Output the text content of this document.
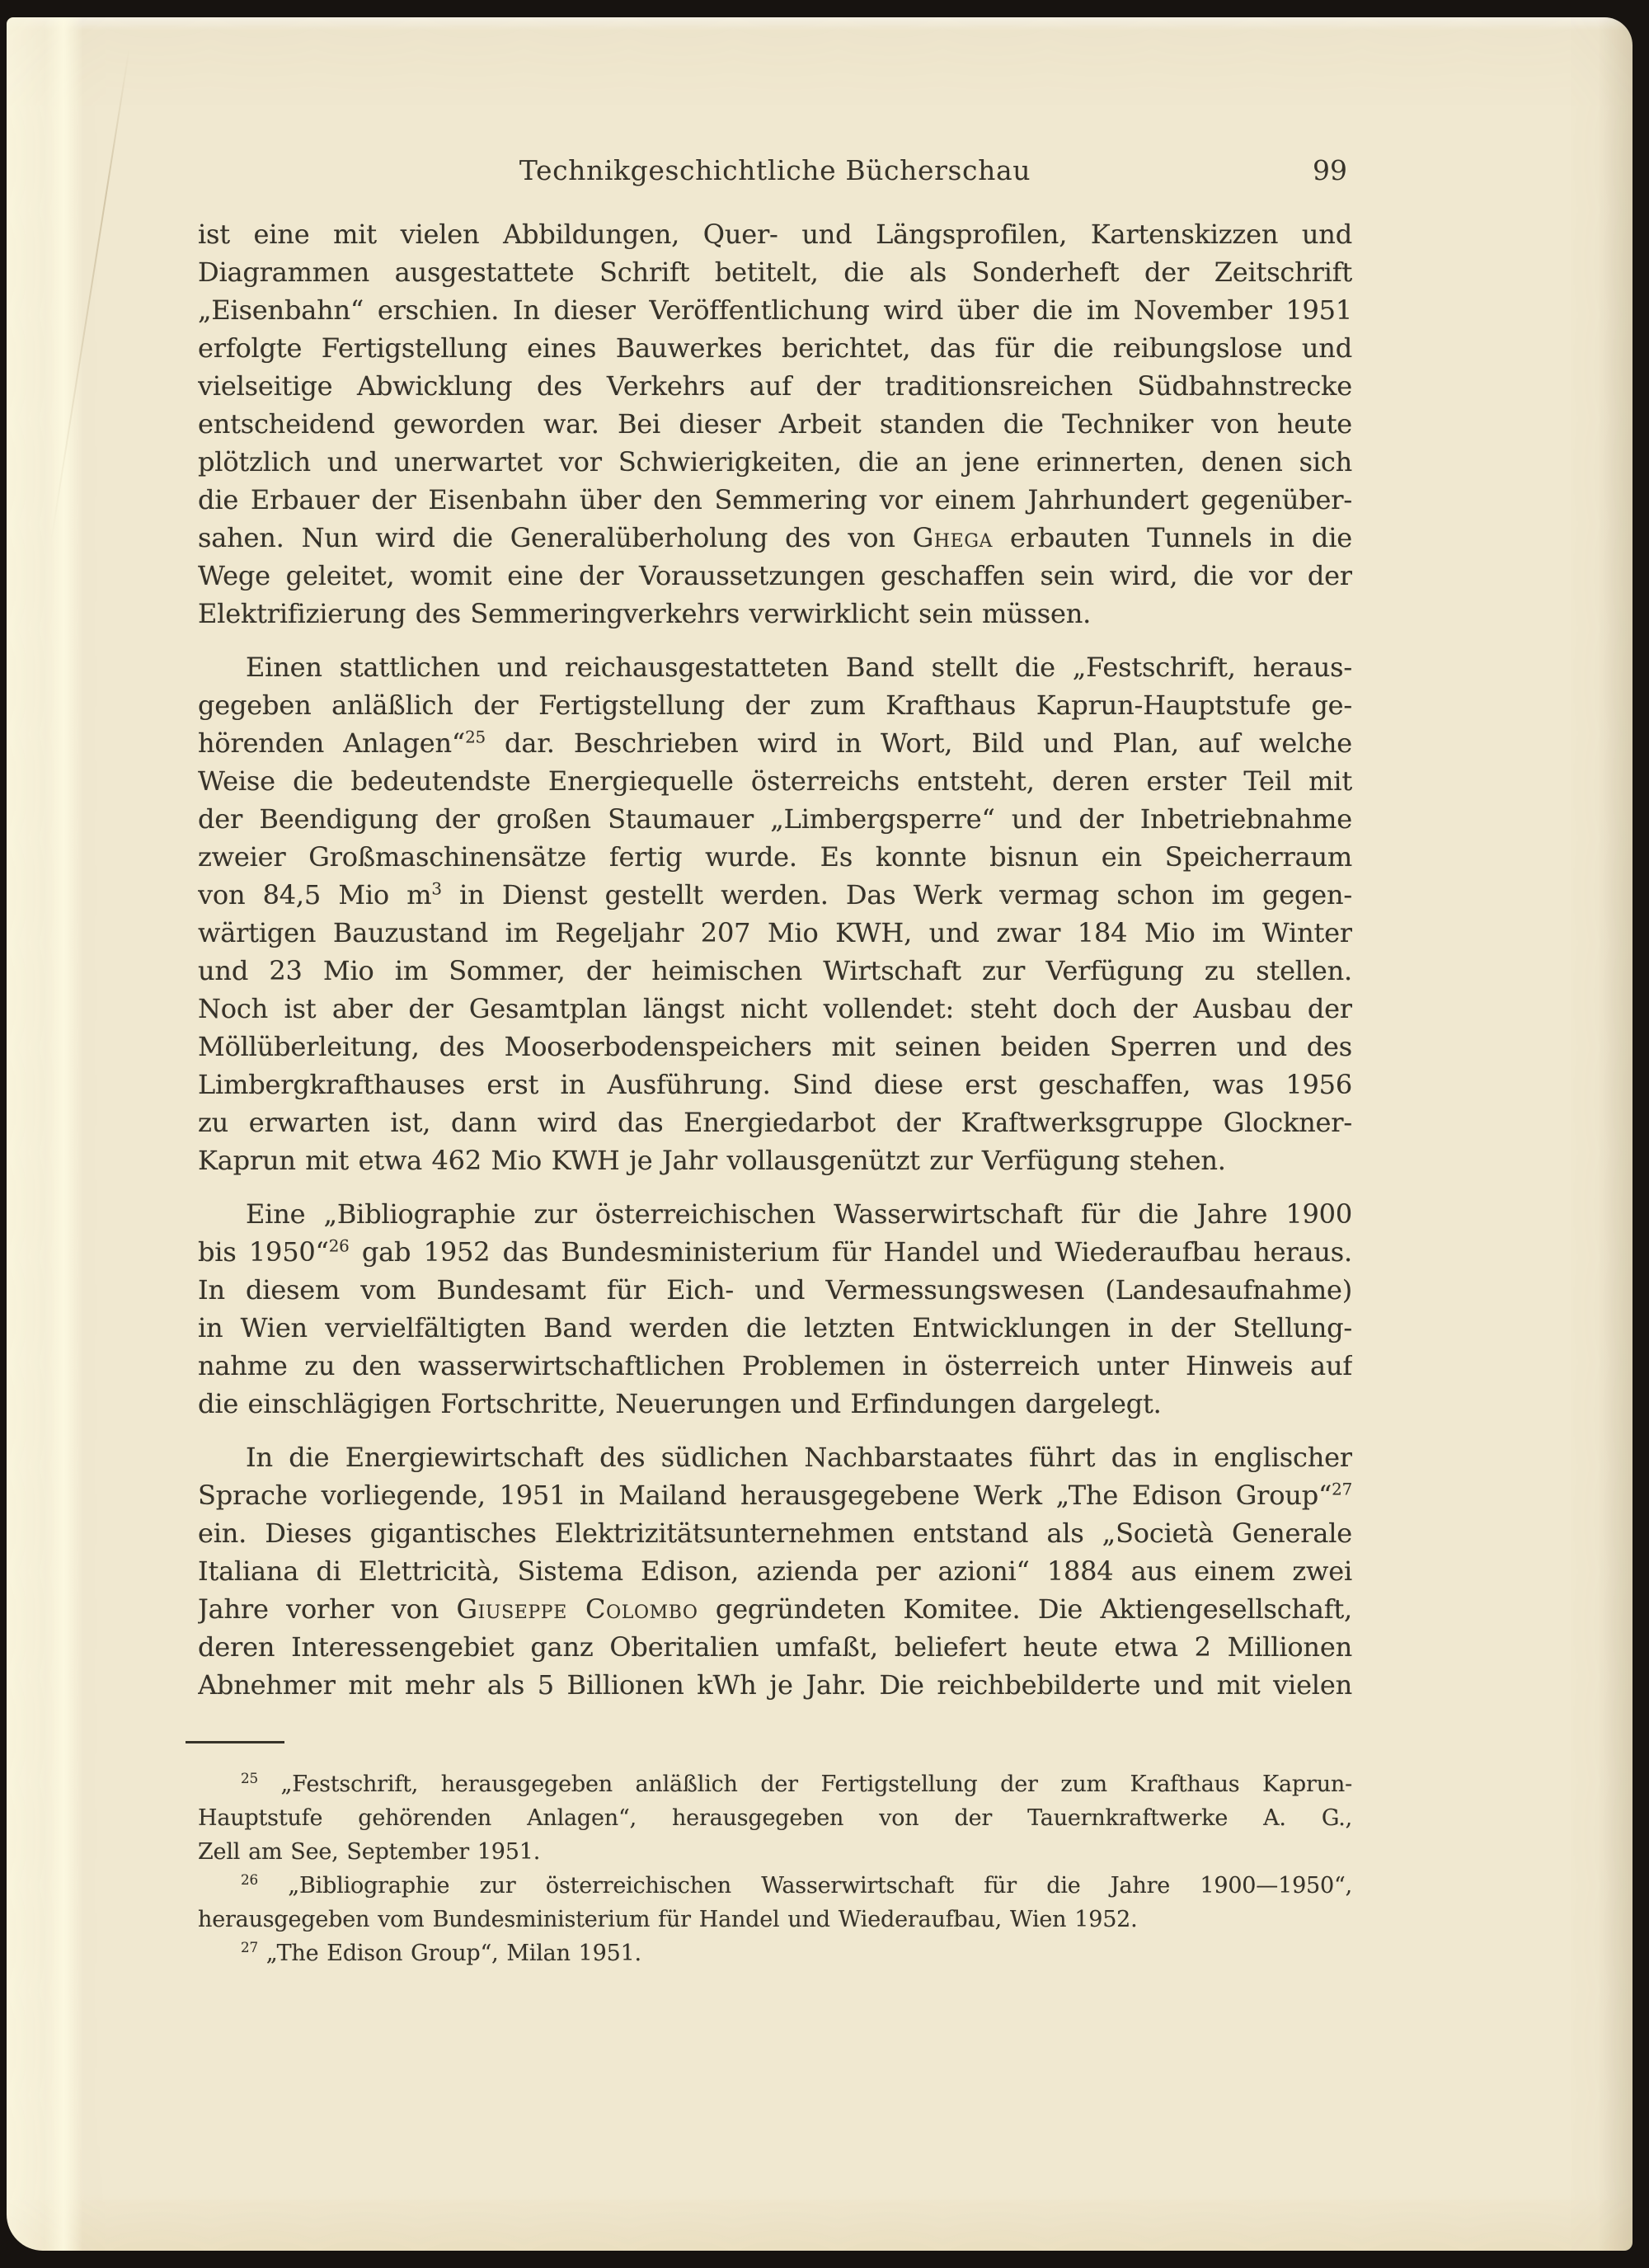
Technikgeschichtliche Bücherschau	99
ist eine mit vielen Abbildungen, Quer- und Längsprofilen, Kartenskizzen und
Diagrammen ausgestattete Schrift betitelt, die als Sonderheft der Zeitschrift
„Eisenbahn“ erschien. In dieser Veröffentlichung wird über die im November 1951
erfolgte Fertigstellung eines Bauwerkes berichtet, das für die reibungslose und
vielseitige Abwicklung des Verkehrs auf der traditionsreichen Südbahnstrecke
entscheidend geworden war. Bei dieser Arbeit standen die Techniker von heute
plötzlich und unerwartet vor Schwierigkeiten, die an jene erinnerten, denen sich
die Erbauer der Eisenbahn über den Semmering vor einem Jahrhundert gegenüber-
sahen. Nun wird die Generalüberholung des von Ghega erbauten Tunnels in die
Wege geleitet, womit eine der Voraussetzungen geschaffen sein wird, die vor der
Elektrifizierung des Semmeringverkehrs verwirklicht sein müssen.
Einen stattlichen und reichausgestatteten Band stellt die „Festschrift, heraus-
gegeben anläßlich der Fertigstellung der zum Krafthaus Kaprun-Hauptstufe ge-
hörenden Anlagen“$^{25}$ dar. Beschrieben wird in Wort, Bild und Plan, auf welche
Weise die bedeutendste Energiequelle österreichs entsteht, deren erster Teil mit
der Beendigung der großen Staumauer „Limbergsperre“ und der Inbetriebnahme
zweier Großmaschinensätze fertig wurde. Es konnte bisnun ein Speicherraum
von 84,5 Mio $m^3$ in Dienst gestellt werden. Das Werk vermag schon im gegen-
wärtigen Bauzustand im Regeljahr 207 Mio KWH, und zwar 184 Mio im Winter
und 23 Mio im Sommer, der heimischen Wirtschaft zur Verfügung zu stellen.
Noch ist aber der Gesamtplan längst nicht vollendet: steht doch der Ausbau der
Möllüberleitung, des Mooserbodenspeichers mit seinen beiden Sperren und des
Limbergkrafthauses erst in Ausführung. Sind diese erst geschaffen, was 1956
zu erwarten ist, dann wird das Energiedarbot der Kraftwerksgruppe Glockner-
Kaprun mit etwa 462 Mio KWH je Jahr vollausgenützt zur Verfügung stehen.
Eine „Bibliographie zur österreichischen Wasserwirtschaft für die Jahre 1900
bis 1950“$^{26}$ gab 1952 das Bundesministerium für Handel und Wiederaufbau heraus.
In diesem vom Bundesamt für Eich- und Vermessungswesen (Landesaufnahme)
in Wien vervielfältigten Band werden die letzten Entwicklungen in der Stellung-
nahme zu den wasserwirtschaftlichen Problemen in österreich unter Hinweis auf
die einschlägigen Fortschritte, Neuerungen und Erfindungen dargelegt.
In die Energiewirtschaft des südlichen Nachbarstaates führt das in englischer
Sprache vorliegende, 1951 in Mailand herausgegebene Werk „The Edison Group“$^{27}$
ein. Dieses gigantisches Elektrizitätsunternehmen entstand als „Società Generale
Italiana di Elettricità, Sistema Edison, azienda per azioni“ 1884 aus einem zwei
Jahre vorher von Giuseppe Colombo gegründeten Komitee. Die Aktiengesellschaft,
deren Interessengebiet ganz Oberitalien umfaßt, beliefert heute etwa 2 Millionen
Abnehmer mit mehr als 5 Billionen kWh je Jahr. Die reichbebilderte und mit vielen
$^{25}$ „Festschrift, herausgegeben anläßlich der Fertigstellung der zum Krafthaus Kaprun-
Hauptstufe gehörenden Anlagen“, herausgegeben von der Tauernkraftwerke A. G.,
Zell am See, September 1951.
$^{26}$ „Bibliographie zur österreichischen Wasserwirtschaft für die Jahre 1900—1950“,
herausgegeben vom Bundesministerium für Handel und Wiederaufbau, Wien 1952.
$^{27}$ „The Edison Group“, Milan 1951.
